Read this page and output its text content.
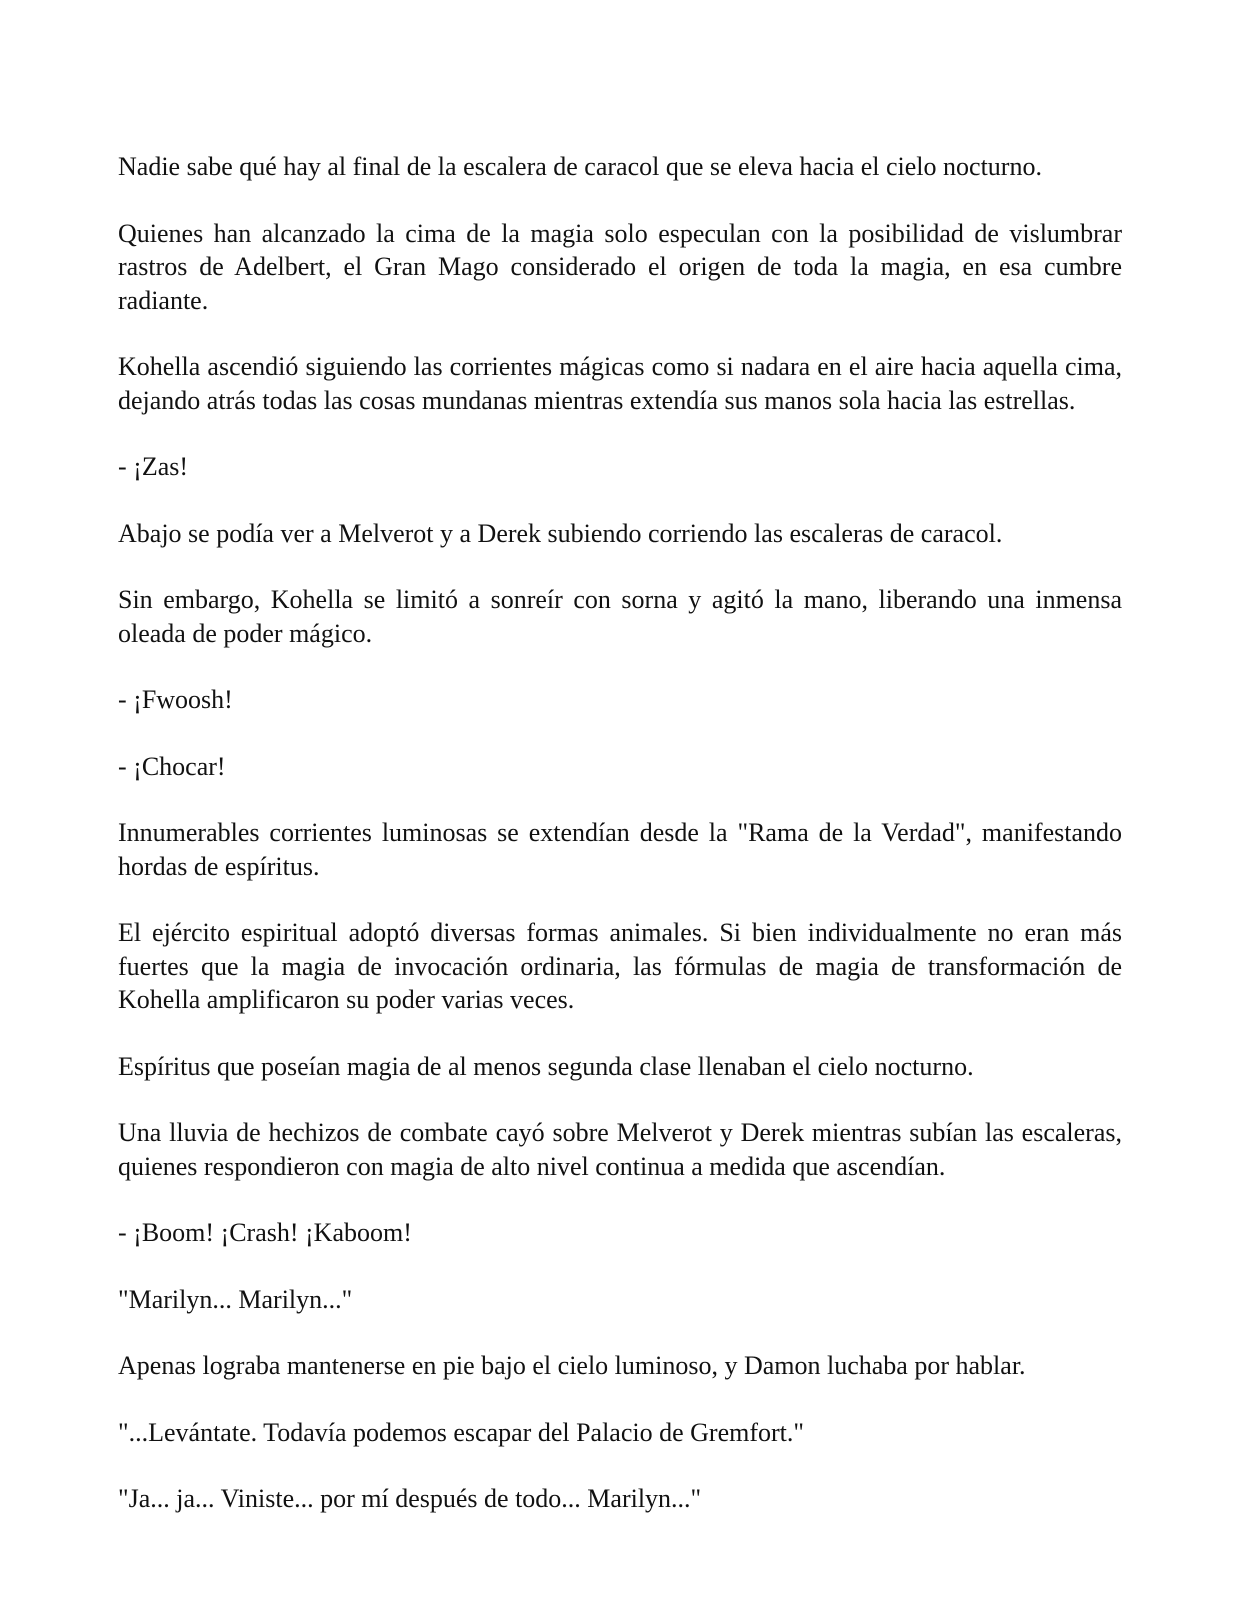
Nadie sabe qué hay al final de la escalera de caracol que se eleva hacia el cielo nocturno.

Quienes han alcanzado la cima de la magia solo especulan con la posibilidad de vislumbrar rastros de Adelbert, el Gran Mago considerado el origen de toda la magia, en esa cumbre radiante.

Kohella ascendió siguiendo las corrientes mágicas como si nadara en el aire hacia aquella cima, dejando atrás todas las cosas mundanas mientras extendía sus manos sola hacia las estrellas.

- ¡Zas!

Abajo se podía ver a Melverot y a Derek subiendo corriendo las escaleras de caracol.

Sin embargo, Kohella se limitó a sonreír con sorna y agitó la mano, liberando una inmensa oleada de poder mágico.

- ¡Fwoosh!

- ¡Chocar!

Innumerables corrientes luminosas se extendían desde la "Rama de la Verdad", manifestando hordas de espíritus.

El ejército espiritual adoptó diversas formas animales. Si bien individualmente no eran más fuertes que la magia de invocación ordinaria, las fórmulas de magia de transformación de Kohella amplificaron su poder varias veces.

Espíritus que poseían magia de al menos segunda clase llenaban el cielo nocturno.

Una lluvia de hechizos de combate cayó sobre Melverot y Derek mientras subían las escaleras, quienes respondieron con magia de alto nivel continua a medida que ascendían.

- ¡Boom! ¡Crash! ¡Kaboom!

"Marilyn... Marilyn..."

Apenas lograba mantenerse en pie bajo el cielo luminoso, y Damon luchaba por hablar.

"...Levántate. Todavía podemos escapar del Palacio de Gremfort."

"Ja... ja... Viniste... por mí después de todo... Marilyn..."
